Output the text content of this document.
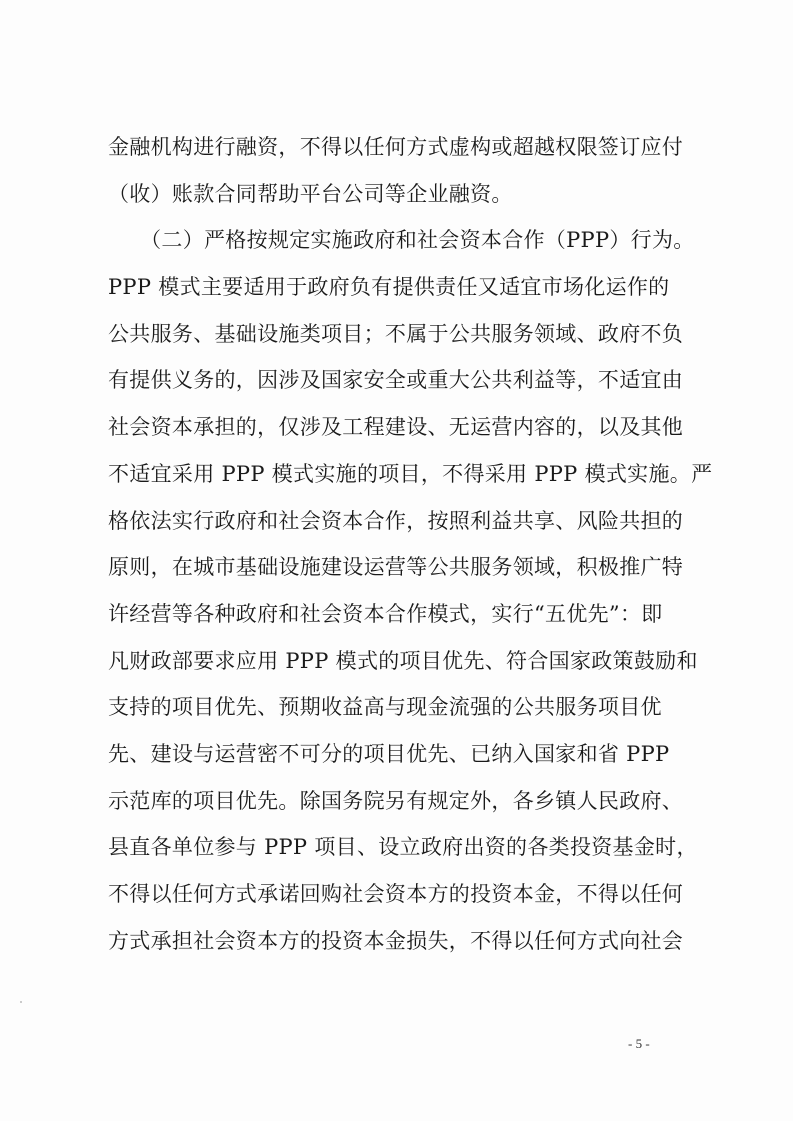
金融机构进行融资，不得以任何方式虚构或超越权限签订应付
（收）账款合同帮助平台公司等企业融资。
　　（二）严格按规定实施政府和社会资本合作（PPP）行为。
PPP 模式主要适用于政府负有提供责任又适宜市场化运作的
公共服务、基础设施类项目；不属于公共服务领域、政府不负
有提供义务的，因涉及国家安全或重大公共利益等，不适宜由
社会资本承担的，仅涉及工程建设、无运营内容的，以及其他
不适宜采用 PPP 模式实施的项目，不得采用 PPP 模式实施。严
格依法实行政府和社会资本合作，按照利益共享、风险共担的
原则，在城市基础设施建设运营等公共服务领域，积极推广特
许经营等各种政府和社会资本合作模式，实行“五优先”：即
凡财政部要求应用 PPP 模式的项目优先、符合国家政策鼓励和
支持的项目优先、预期收益高与现金流强的公共服务项目优
先、建设与运营密不可分的项目优先、已纳入国家和省 PPP
示范库的项目优先。除国务院另有规定外，各乡镇人民政府、
县直各单位参与 PPP 项目、设立政府出资的各类投资基金时，
不得以任何方式承诺回购社会资本方的投资本金，不得以任何
方式承担社会资本方的投资本金损失，不得以任何方式向社会
- 5 -
